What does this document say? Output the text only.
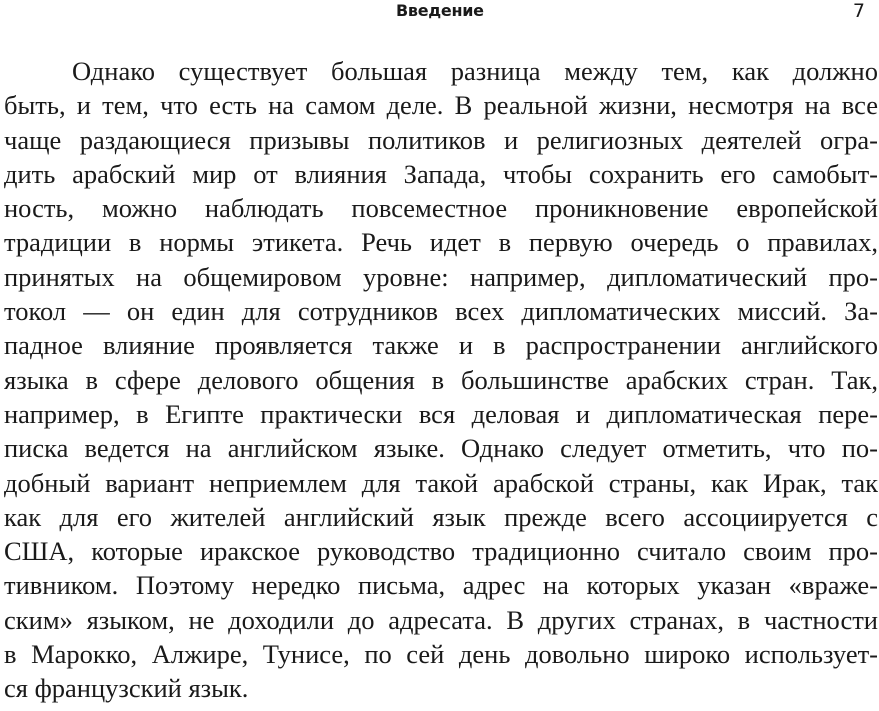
Введение	7
Однако существует большая разница между тем, как должно
быть, и тем, что есть на самом деле. В реальной жизни, несмотря на все
чаще раздающиеся призывы политиков и религиозных деятелей огра-
дить арабский мир от влияния Запада, чтобы сохранить его самобыт-
ность, можно наблюдать повсеместное проникновение европейской
традиции в нормы этикета. Речь идет в первую очередь о правилах,
принятых на общемировом уровне: например, дипломатический про-
токол — он един для сотрудников всех дипломатических миссий. За-
падное влияние проявляется также и в распространении английского
языка в сфере делового общения в большинстве арабских стран. Так,
например, в Египте практически вся деловая и дипломатическая пере-
писка ведется на английском языке. Однако следует отметить, что по-
добный вариант неприемлем для такой арабской страны, как Ирак, так
как для его жителей английский язык прежде всего ассоциируется с
США, которые иракское руководство традиционно считало своим про-
тивником. Поэтому нередко письма, адрес на которых указан «враже-
ским» языком, не доходили до адресата. В других странах, в частности
в Марокко, Алжире, Тунисе, по сей день довольно широко использует-
ся французский язык.
